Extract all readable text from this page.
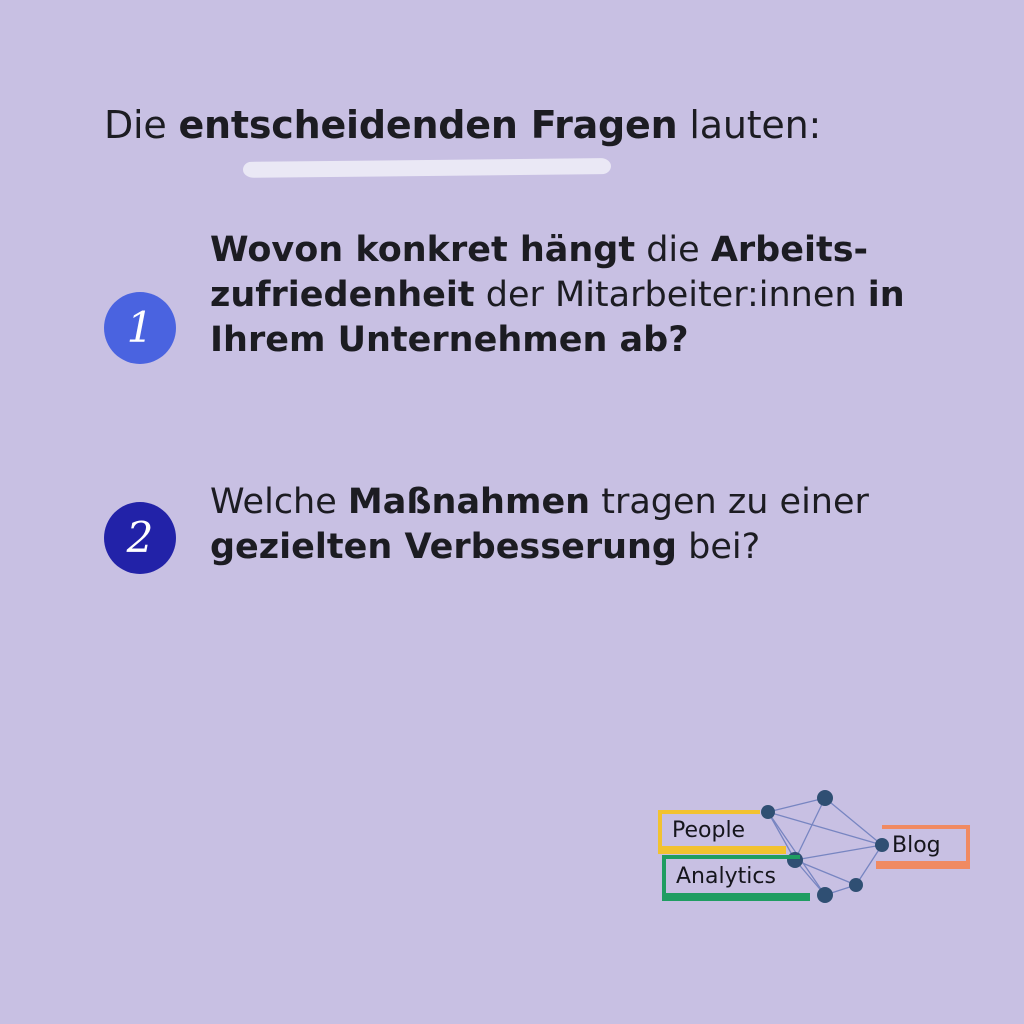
Die entscheidenden Fragen lauten:
1
Wovon konkret hängt die Arbeits-zufriedenheit der Mitarbeiter:innen in Ihrem Unternehmen ab?
2
Welche Maßnahmen tragen zu einer gezielten Verbesserung bei?
People
Analytics
Blog
